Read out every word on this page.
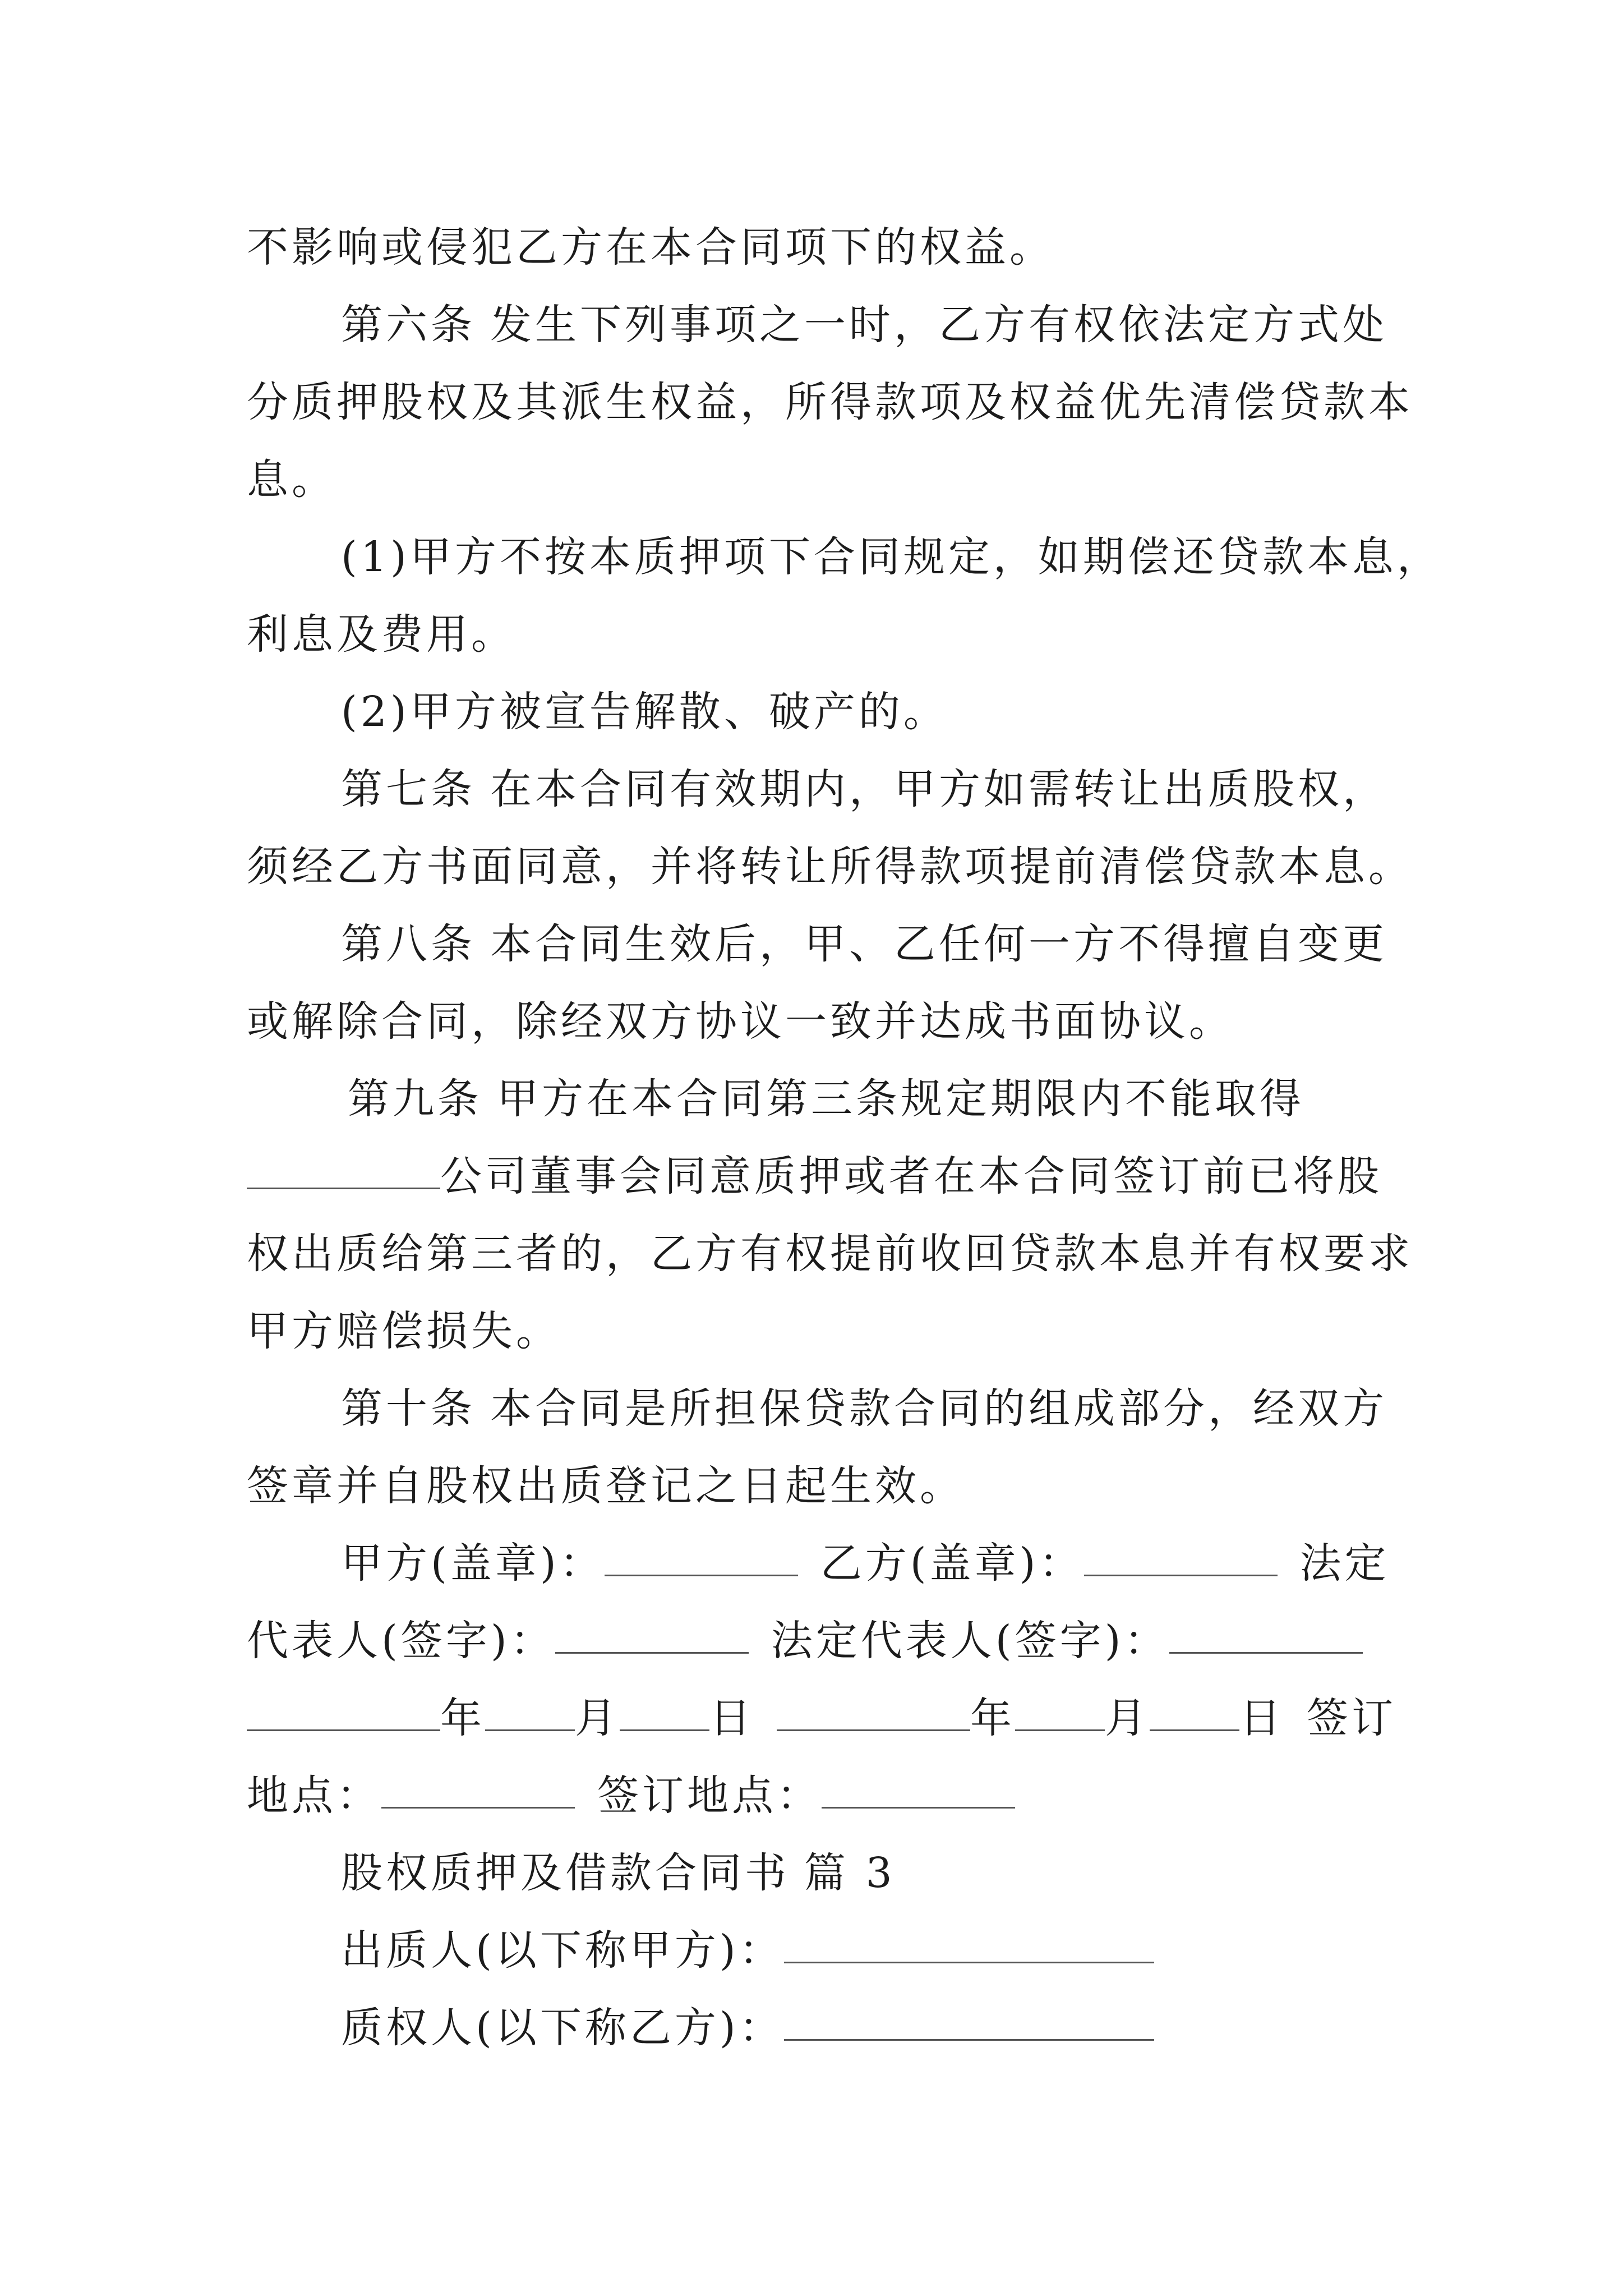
不影响或侵犯乙方在本合同项下的权益。
第六条 发生下列事项之一时，乙方有权依法定方式处
分质押股权及其派生权益，所得款项及权益优先清偿贷款本
息。
(1)甲方不按本质押项下合同规定，如期偿还贷款本息，
利息及费用。
(2)甲方被宣告解散、破产的。
第七条 在本合同有效期内，甲方如需转让出质股权，
须经乙方书面同意，并将转让所得款项提前清偿贷款本息。
第八条 本合同生效后，甲、乙任何一方不得擅自变更
或解除合同，除经双方协议一致并达成书面协议。
第九条 甲方在本合同第三条规定期限内不能取得
公司董事会同意质押或者在本合同签订前已将股
权出质给第三者的，乙方有权提前收回贷款本息并有权要求
甲方赔偿损失。
第十条 本合同是所担保贷款合同的组成部分，经双方
签章并自股权出质登记之日起生效。
甲方(盖章)：	乙方(盖章)：	法定
代表人(签字)：	法定代表人(签字)：
年 月 日	年 月 日 签订
地点：	签订地点：
股权质押及借款合同书 篇 3
出质人(以下称甲方)：
质权人(以下称乙方)：
